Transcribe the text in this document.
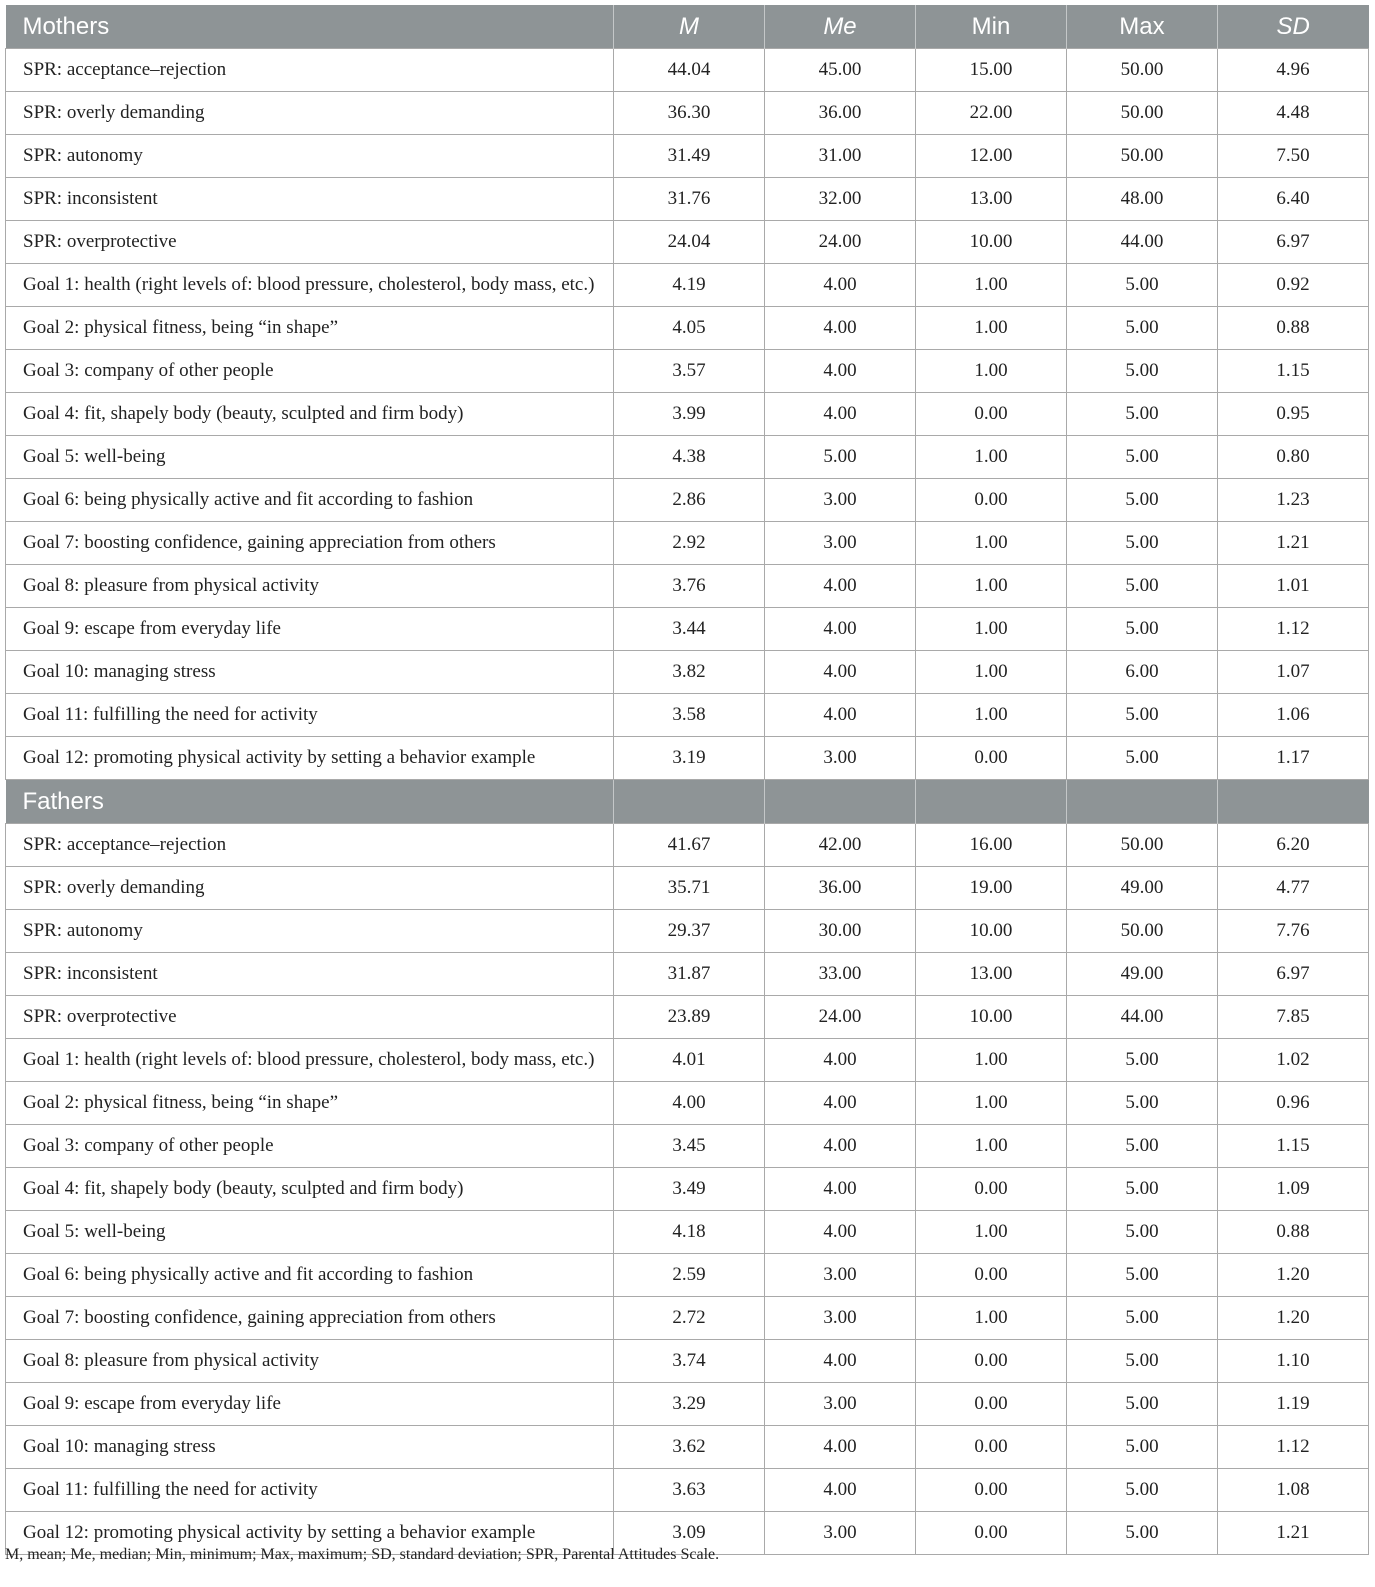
Mothers	M	Me	Min	Max	SD
SPR: acceptance–rejection	44.04	45.00	15.00	50.00	4.96
SPR: overly demanding	36.30	36.00	22.00	50.00	4.48
SPR: autonomy	31.49	31.00	12.00	50.00	7.50
SPR: inconsistent	31.76	32.00	13.00	48.00	6.40
SPR: overprotective	24.04	24.00	10.00	44.00	6.97
Goal 1: health (right levels of: blood pressure, cholesterol, body mass, etc.)	4.19	4.00	1.00	5.00	0.92
Goal 2: physical fitness, being “in shape”	4.05	4.00	1.00	5.00	0.88
Goal 3: company of other people	3.57	4.00	1.00	5.00	1.15
Goal 4: fit, shapely body (beauty, sculpted and firm body)	3.99	4.00	0.00	5.00	0.95
Goal 5: well-being	4.38	5.00	1.00	5.00	0.80
Goal 6: being physically active and fit according to fashion	2.86	3.00	0.00	5.00	1.23
Goal 7: boosting confidence, gaining appreciation from others	2.92	3.00	1.00	5.00	1.21
Goal 8: pleasure from physical activity	3.76	4.00	1.00	5.00	1.01
Goal 9: escape from everyday life	3.44	4.00	1.00	5.00	1.12
Goal 10: managing stress	3.82	4.00	1.00	6.00	1.07
Goal 11: fulfilling the need for activity	3.58	4.00	1.00	5.00	1.06
Goal 12: promoting physical activity by setting a behavior example	3.19	3.00	0.00	5.00	1.17
Fathers					
SPR: acceptance–rejection	41.67	42.00	16.00	50.00	6.20
SPR: overly demanding	35.71	36.00	19.00	49.00	4.77
SPR: autonomy	29.37	30.00	10.00	50.00	7.76
SPR: inconsistent	31.87	33.00	13.00	49.00	6.97
SPR: overprotective	23.89	24.00	10.00	44.00	7.85
Goal 1: health (right levels of: blood pressure, cholesterol, body mass, etc.)	4.01	4.00	1.00	5.00	1.02
Goal 2: physical fitness, being “in shape”	4.00	4.00	1.00	5.00	0.96
Goal 3: company of other people	3.45	4.00	1.00	5.00	1.15
Goal 4: fit, shapely body (beauty, sculpted and firm body)	3.49	4.00	0.00	5.00	1.09
Goal 5: well-being	4.18	4.00	1.00	5.00	0.88
Goal 6: being physically active and fit according to fashion	2.59	3.00	0.00	5.00	1.20
Goal 7: boosting confidence, gaining appreciation from others	2.72	3.00	1.00	5.00	1.20
Goal 8: pleasure from physical activity	3.74	4.00	0.00	5.00	1.10
Goal 9: escape from everyday life	3.29	3.00	0.00	5.00	1.19
Goal 10: managing stress	3.62	4.00	0.00	5.00	1.12
Goal 11: fulfilling the need for activity	3.63	4.00	0.00	5.00	1.08
Goal 12: promoting physical activity by setting a behavior example	3.09	3.00	0.00	5.00	1.21
M, mean; Me, median; Min, minimum; Max, maximum; SD, standard deviation; SPR, Parental Attitudes Scale.
